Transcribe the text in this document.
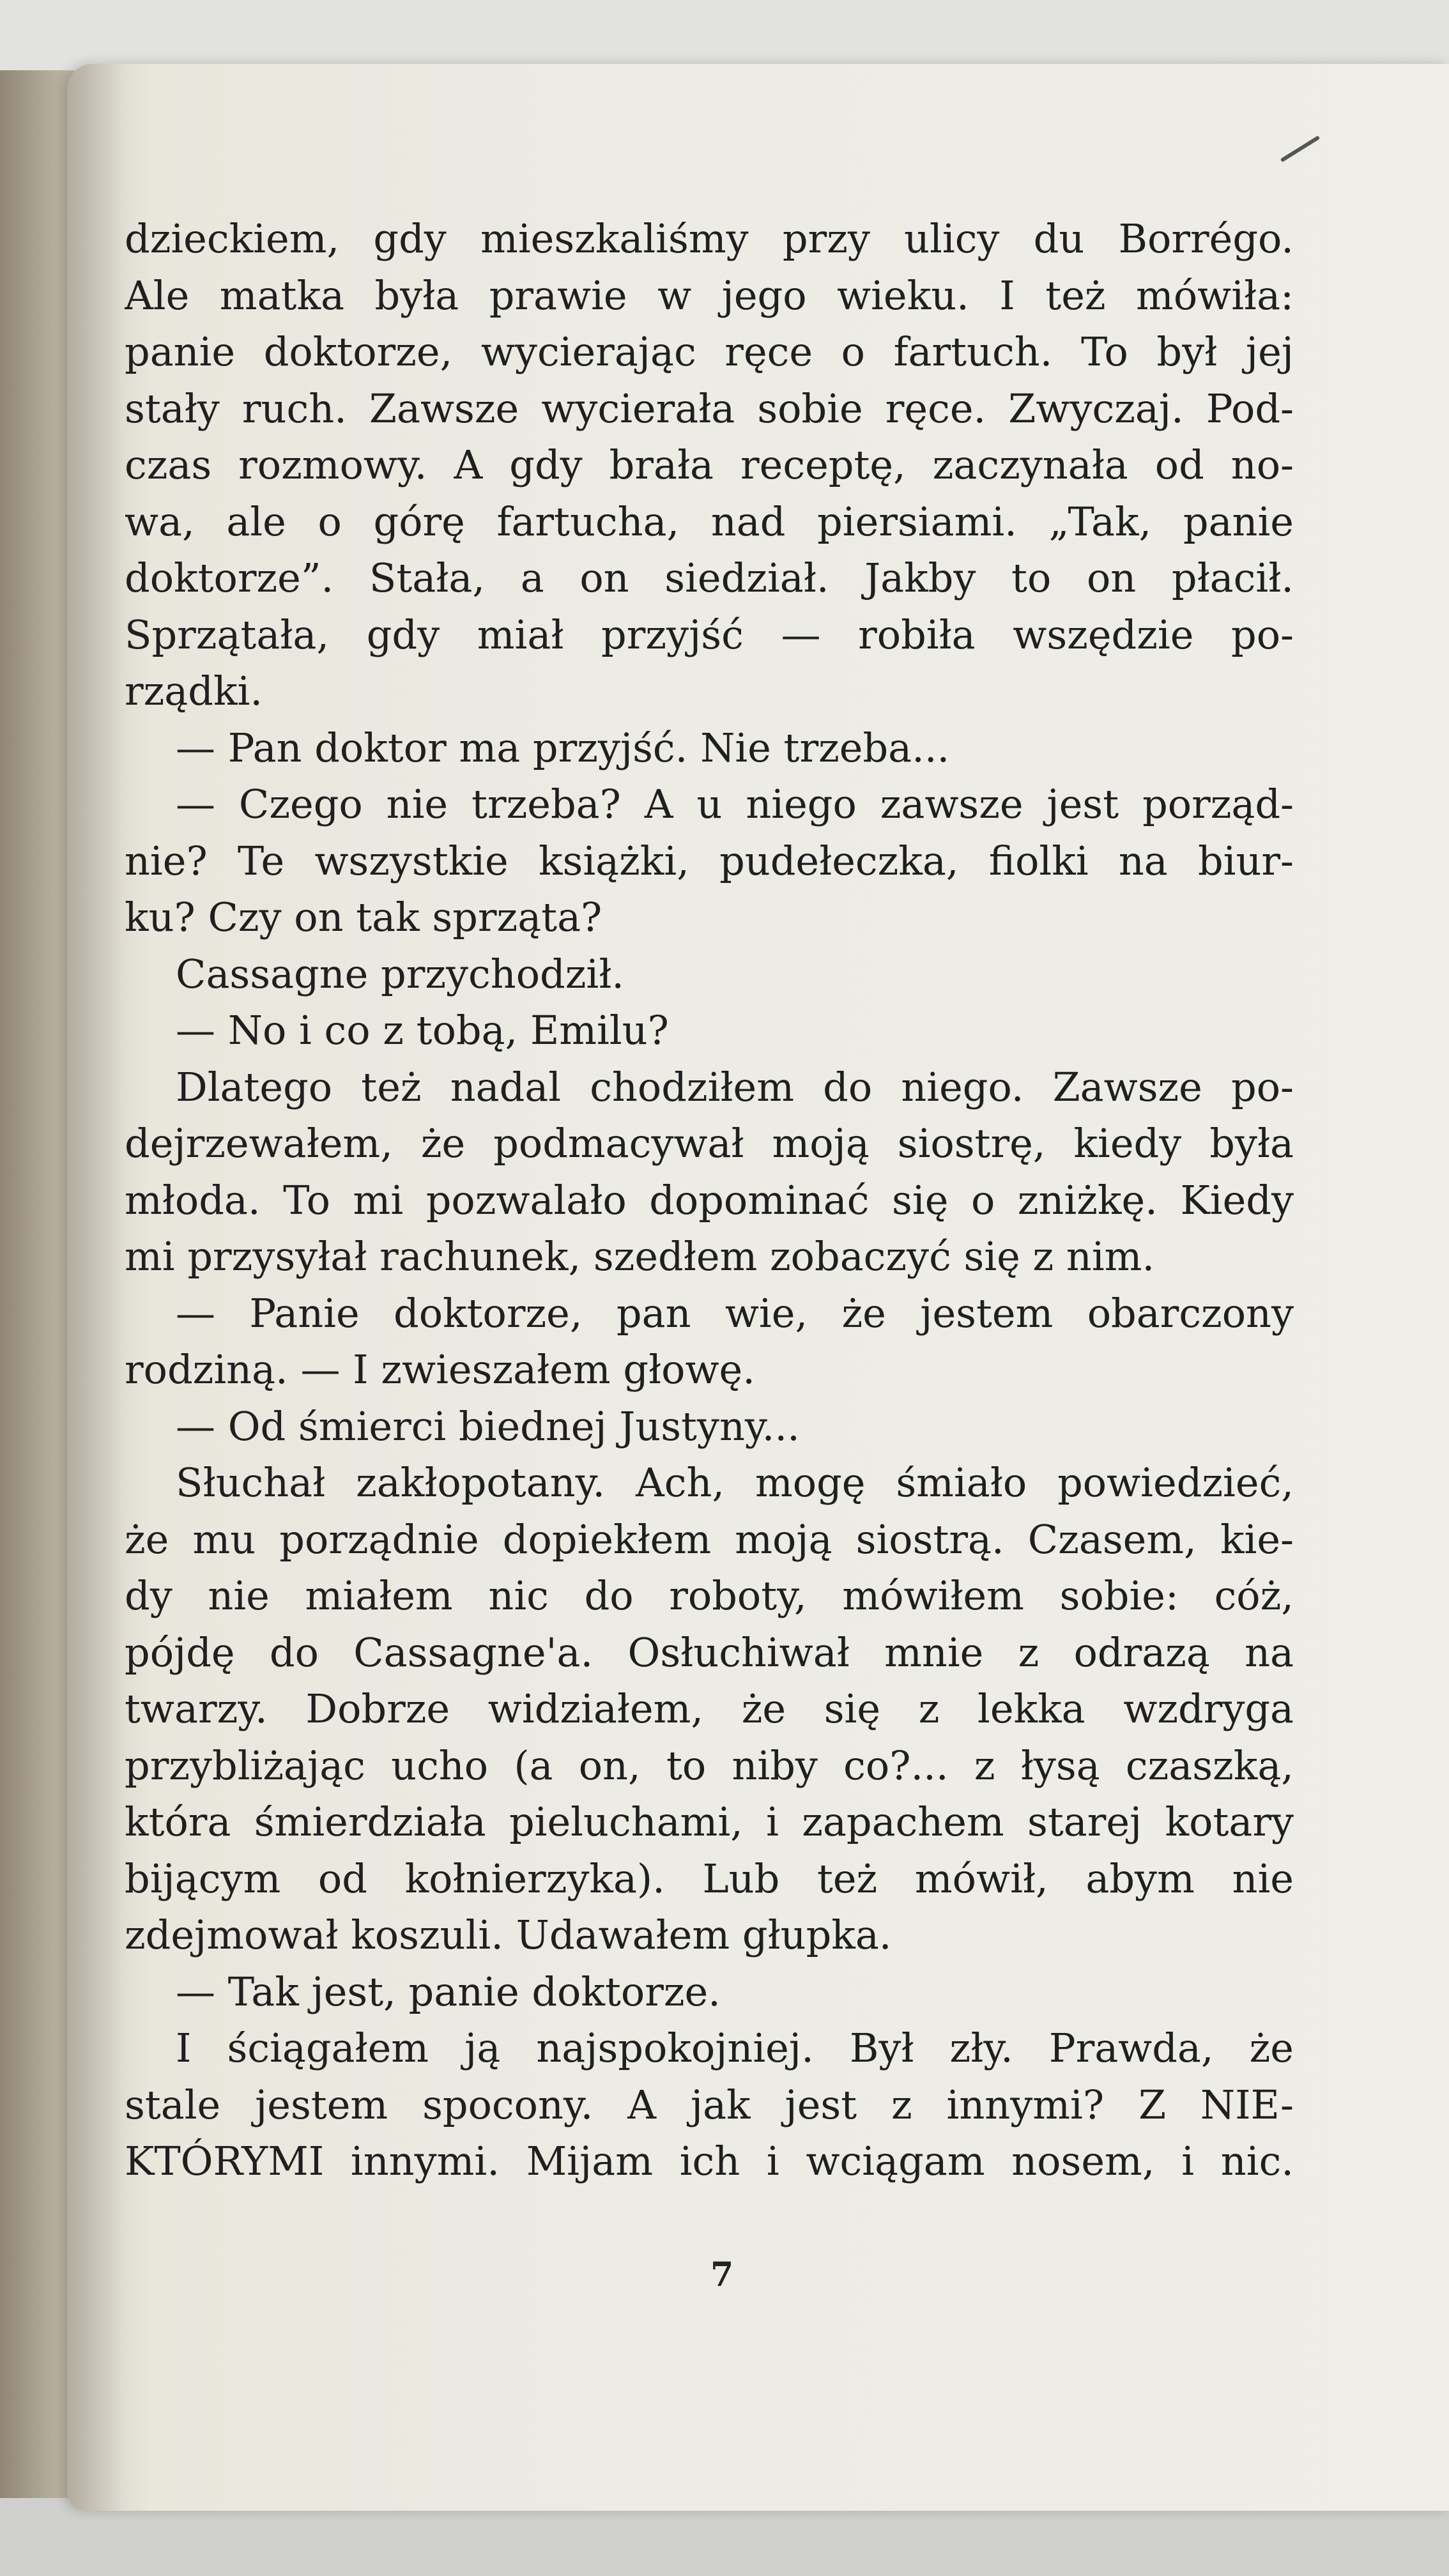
dzieckiem, gdy mieszkaliśmy przy ulicy du Borrégo.
Ale matka była prawie w jego wieku. I też mówiła:
panie doktorze, wycierając ręce o fartuch. To był jej
stały ruch. Zawsze wycierała sobie ręce. Zwyczaj. Pod-
czas rozmowy. A gdy brała receptę, zaczynała od no-
wa, ale o górę fartucha, nad piersiami. „Tak, panie
doktorze”. Stała, a on siedział. Jakby to on płacił.
Sprzątała, gdy miał przyjść — robiła wszędzie po-
rządki.
— Pan doktor ma przyjść. Nie trzeba...
— Czego nie trzeba? A u niego zawsze jest porząd-
nie? Te wszystkie książki, pudełeczka, fiolki na biur-
ku? Czy on tak sprząta?
Cassagne przychodził.
— No i co z tobą, Emilu?
Dlatego też nadal chodziłem do niego. Zawsze po-
dejrzewałem, że podmacywał moją siostrę, kiedy była
młoda. To mi pozwalało dopominać się o zniżkę. Kiedy
mi przysyłał rachunek, szedłem zobaczyć się z nim.
— Panie doktorze, pan wie, że jestem obarczony
rodziną. — I zwieszałem głowę.
— Od śmierci biednej Justyny...
Słuchał zakłopotany. Ach, mogę śmiało powiedzieć,
że mu porządnie dopiekłem moją siostrą. Czasem, kie-
dy nie miałem nic do roboty, mówiłem sobie: cóż,
pójdę do Cassagne'a. Osłuchiwał mnie z odrazą na
twarzy. Dobrze widziałem, że się z lekka wzdryga
przybliżając ucho (a on, to niby co?... z łysą czaszką,
która śmierdziała pieluchami, i zapachem starej kotary
bijącym od kołnierzyka). Lub też mówił, abym nie
zdejmował koszuli. Udawałem głupka.
— Tak jest, panie doktorze.
I ściągałem ją najspokojniej. Był zły. Prawda, że
stale jestem spocony. A jak jest z innymi? Z NIE-
KTÓRYMI innymi. Mijam ich i wciągam nosem, i nic.
7
